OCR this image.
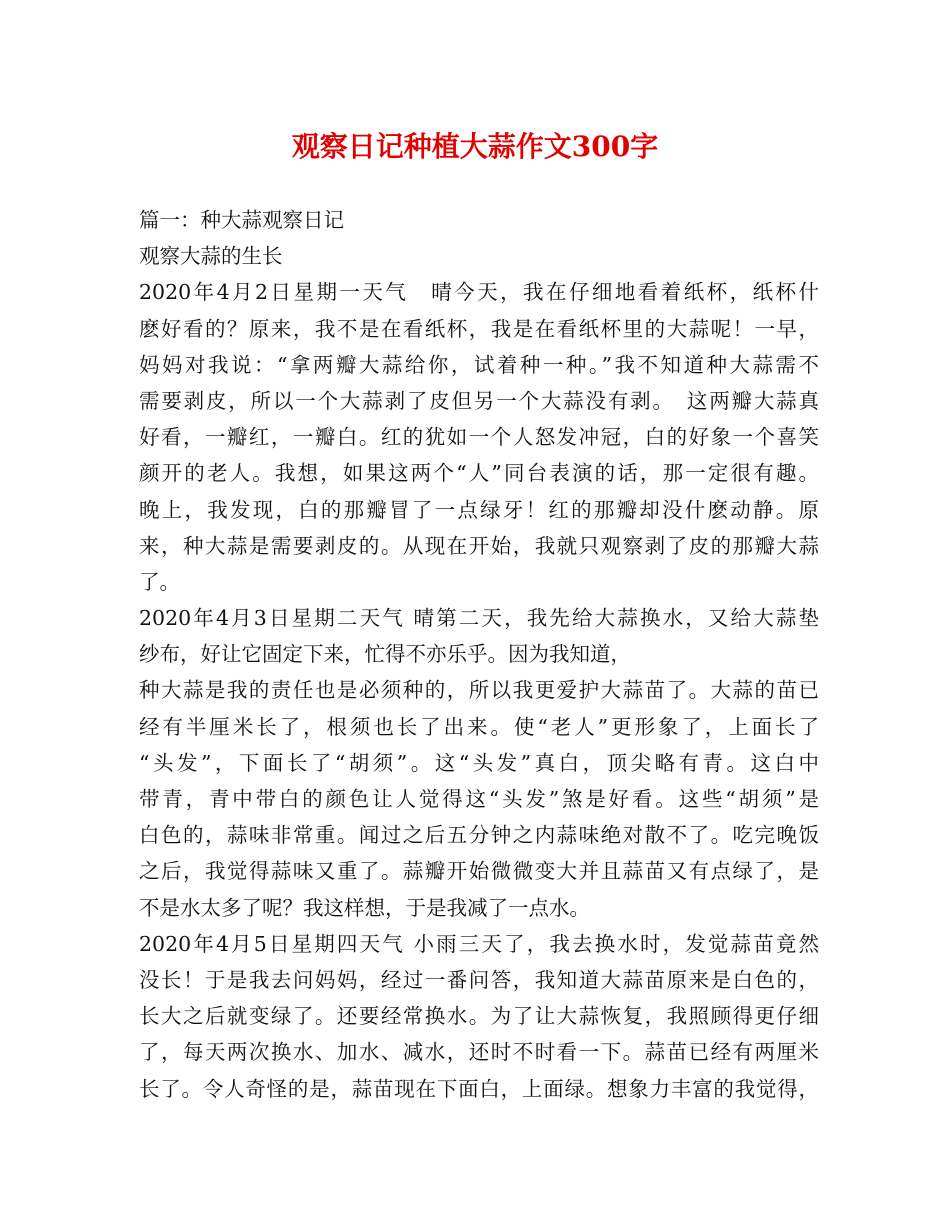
观察日记种植大蒜作文300字
篇一：种大蒜观察日记
观察大蒜的生长
2020年4月2日星期一天气　晴今天，我在仔细地看着纸杯，纸杯什
麽好看的？原来，我不是在看纸杯，我是在看纸杯里的大蒜呢！一早，
妈妈对我说：“拿两瓣大蒜给你，试着种一种。”我不知道种大蒜需不
需要剥皮，所以一个大蒜剥了皮但另一个大蒜没有剥。　这两瓣大蒜真
好看，一瓣红，一瓣白。红的犹如一个人怒发冲冠，白的好象一个喜笑
颜开的老人。我想，如果这两个“人”同台表演的话，那一定很有趣。
晚上，我发现，白的那瓣冒了一点绿牙！红的那瓣却没什麽动静。原
来，种大蒜是需要剥皮的。从现在开始，我就只观察剥了皮的那瓣大蒜
了。
2020年4月3日星期二天气 晴第二天，我先给大蒜换水，又给大蒜垫
纱布，好让它固定下来，忙得不亦乐乎。因为我知道，
种大蒜是我的责任也是必须种的，所以我更爱护大蒜苗了。大蒜的苗已
经有半厘米长了，根须也长了出来。使“老人”更形象了，上面长了
“头发”，下面长了“胡须”。这“头发”真白，顶尖略有青。这白中
带青，青中带白的颜色让人觉得这“头发”煞是好看。这些“胡须”是
白色的，蒜味非常重。闻过之后五分钟之内蒜味绝对散不了。吃完晚饭
之后，我觉得蒜味又重了。蒜瓣开始微微变大并且蒜苗又有点绿了，是
不是水太多了呢？我这样想，于是我减了一点水。
2020年4月5日星期四天气 小雨三天了，我去换水时，发觉蒜苗竟然
没长！于是我去问妈妈，经过一番问答，我知道大蒜苗原来是白色的，
长大之后就变绿了。还要经常换水。为了让大蒜恢复，我照顾得更仔细
了，每天两次换水、加水、减水，还时不时看一下。蒜苗已经有两厘米
长了。令人奇怪的是，蒜苗现在下面白，上面绿。想象力丰富的我觉得，
